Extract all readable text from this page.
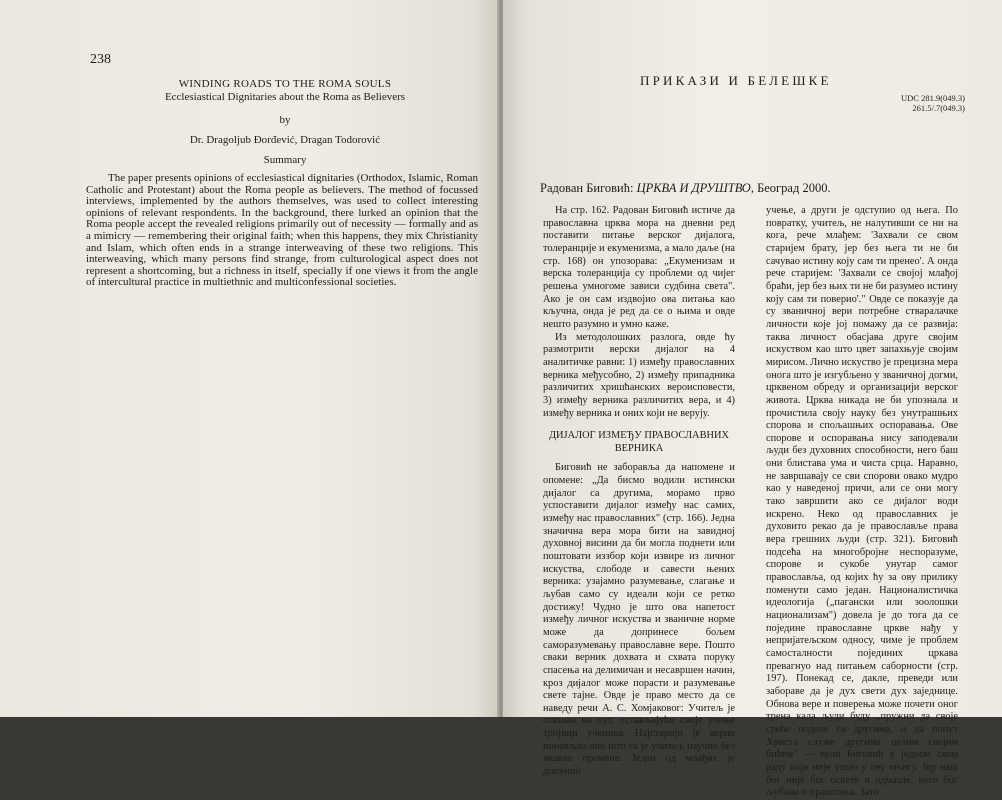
238
WINDING ROADS TO THE ROMA SOULS
Ecclesiastical Dignitaries about the Roma as Believers
by
Dr. Dragoljub Đorđević, Dragan Todorović
Summary

The paper presents opinions of ecclesiastical dignitaries (Orthodox, Islamic, Roman Catholic and Protestant) about the Roma people as believers. The method of focussed interviews, implemented by the authors themselves, was used to collect interesting opinions of relevant respondents. In the background, there lurked an opinion that the Roma people accept the revealed religions primarily out of necessity — formally and as a mimicry — remembering their original faith; when this happens, they mix Christianity and Islam, which often ends in a strange interweaving of these two religions. This interweaving, which many persons find strange, from culturological aspect does not represent a shortcoming, but a richness in itself, specially if one views it from the angle of intercultural practice in multiethnic and multiconfessional societies.

ПРИКАЗИ И БЕЛЕШКЕ
UDC 281.9(049.3)
261.5/.7(049.3)
Радован Биговић: ЦРКВА И ДРУШТВО, Београд 2000.

На стр. 162. Радован Биговић истиче да православна црква мора на дневни ред поставити питање верског дијалога, толеранције и екуменизма, а мало даље (на стр. 168) он упозорава: „Екуменизам и верска толеранција су проблеми од чијег решења умногоме зависи судбина света". Ако је он сам издвојио ова питања као кључна, онда је ред да се о њима и овде нешто разумно и умно каже.

Из методолошких разлога, овде ћу размотрити верски дијалог на 4 аналитичке равни: 1) између православних верника међусобно, 2) између припадника различитих хришћанских вероисповести, 3) између верника различитих вера, и 4) између верника и оних који не верују.

ДИЈАЛОГ ИЗМЕЂУ ПРАВОСЛАВНИХ ВЕРНИКА

Биговић не заборавља да напомене и опомене: „Да бисмо водили истински дијалог са другима, морамо прво успоставити дијалог између нас самих, између нас православних" (стр. 166). Једна значична вера мора бити на завидној духовној висини да би могла поднети или поштовати иззбор који извире из личног искуства, слободе и савести њених верника: узајамно разумевање, слагање и љубав само су идеали који се ретко достижу! Чудно је што ова напетост између личног искуства и званичне норме може да допринесе бољем саморазумевању православне вере. Пошто сваки верник дохвата и схвата поруку спасења на делимичан и несавршен начин, кроз дијалог може порасти и разумевање свете тајне. Овде је право место да се наведу речи А. С. Хомјаковог: Учитељ је отишао на пут, остављајући своје учење тројици ученика. Најстарији је верно понављао оно што га је учитељ научио без икакве промене. Један од млађих је допунио

учење, а други је одступио од њега. По повратку, учитељ, не налутивши се ни на кога, рече млађем: 'Захвали се свом старијем брату, јер без њега ти не би сачувао истину коју сам ти пренео'. А онда рече старијем: 'Захвали се својој млађој браћи, јер без њих ти не би разумео истину коју сам ти поверио'." Овде се показује да су званичној вери потребне стваралачке личности које јој помажу да се развија: таква личност обасјава друге својим искуством као што цвет запахњује својим мирисом. Лично искуство је прецизна мера онога што је изгубљено у званичној догми, црквеном обреду и организацији верског живота. Црква никада не би упознала и прочистила своју науку без унутрашњих спорова и спољашњих оспоравања. Ове спорове и оспоравања нису заподевали људи без духовних способности, него баш они блистава ума и чиста срца. Наравно, не завршавају се сви спорови овако мудро као у наведеној причи, али се они могу тако завршити ако се дијалог води искрено. Неко од православних је духовито рекао да је православље права вера грешних људи (стр. 321). Биговић подсећа на многобројне неспоразуме, спорове и сукобе унутар самог православља, од којих ћу за ову прилику поменути само један. Националистичка идеологија („пагански или зоолошки национализам") довела је до тога да се поједине православне цркве нађу у непријатељском односу, чиме је проблем самосталности појединих цркава превагнуо над питањем саборности (стр. 197). Понекад се, дакле, преведи или забораве да је дух свети дух заједнице. Обнова вере и поверења може почети оног трена када људи буду „пружни да своје среће поделе са другима, и да попут Христа служе другима целим својим бићем" — вели Биговић у једном свом раду који није ушао у ову књигу. Јер наш бог није бог освете и одмазде, него бог љубави и праштања. Зато
